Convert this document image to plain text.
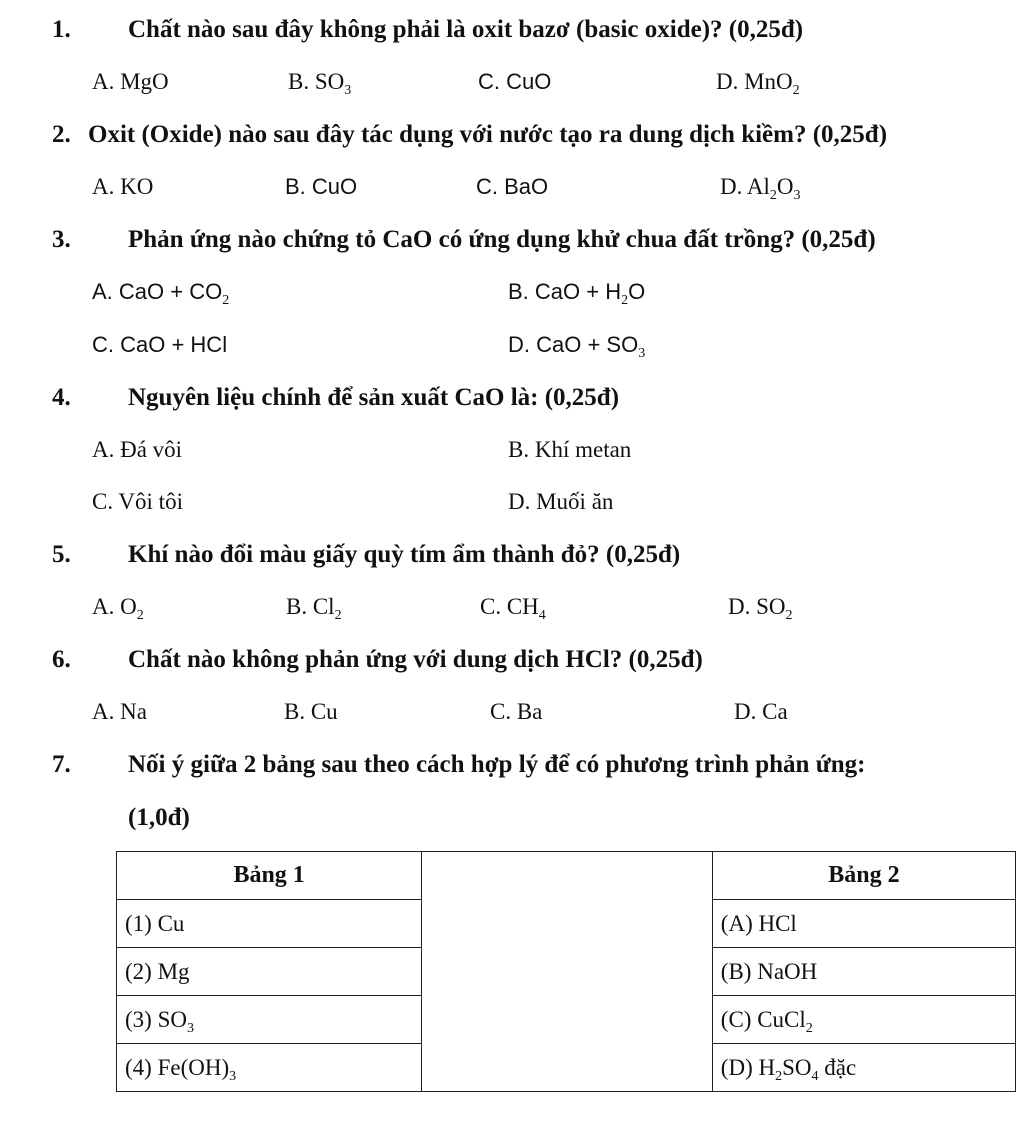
1. Chất nào sau đây không phải là oxit bazơ (basic oxide)? (0,25đ)
A. MgO	B. $SO_3$	C. CuO	D. MnO$_2$
2. Oxit (Oxide) nào sau đây tác dụng với nước tạo ra dung dịch kiềm? (0,25đ)
A. KO	B. CuO	C. BaO	D. $Al_2O_3$
3. Phản ứng nào chứng tỏ CaO có ứng dụng khử chua đất trồng? (0,25đ)
A. CaO + $CO_2$	B. CaO + $H_2O$
C. CaO + HCl	D. CaO + $SO_3$
4. Nguyên liệu chính để sản xuất CaO là: (0,25đ)
A. Đá vôi	B. Khí metan
C. Vôi tôi	D. Muối ăn
5. Khí nào đổi màu giấy quỳ tím ẩm thành đỏ? (0,25đ)
A. $O_2$	B. $Cl_2$	C. $CH_4$	D. $SO_2$
6. Chất nào không phản ứng với dung dịch HCl? (0,25đ)
A. Na	B. Cu	C. Ba	D. Ca
7. Nối ý giữa 2 bảng sau theo cách hợp lý để có phương trình phản ứng:
(1,0đ)
Bảng 1		Bảng 2
(1) Cu		(A) HCl
(2) Mg		(B) NaOH
(3) $SO_3$		(C) CuCl$_2$
(4) $Fe(OH)_3$		(D) $H_2SO_4$ đặc
